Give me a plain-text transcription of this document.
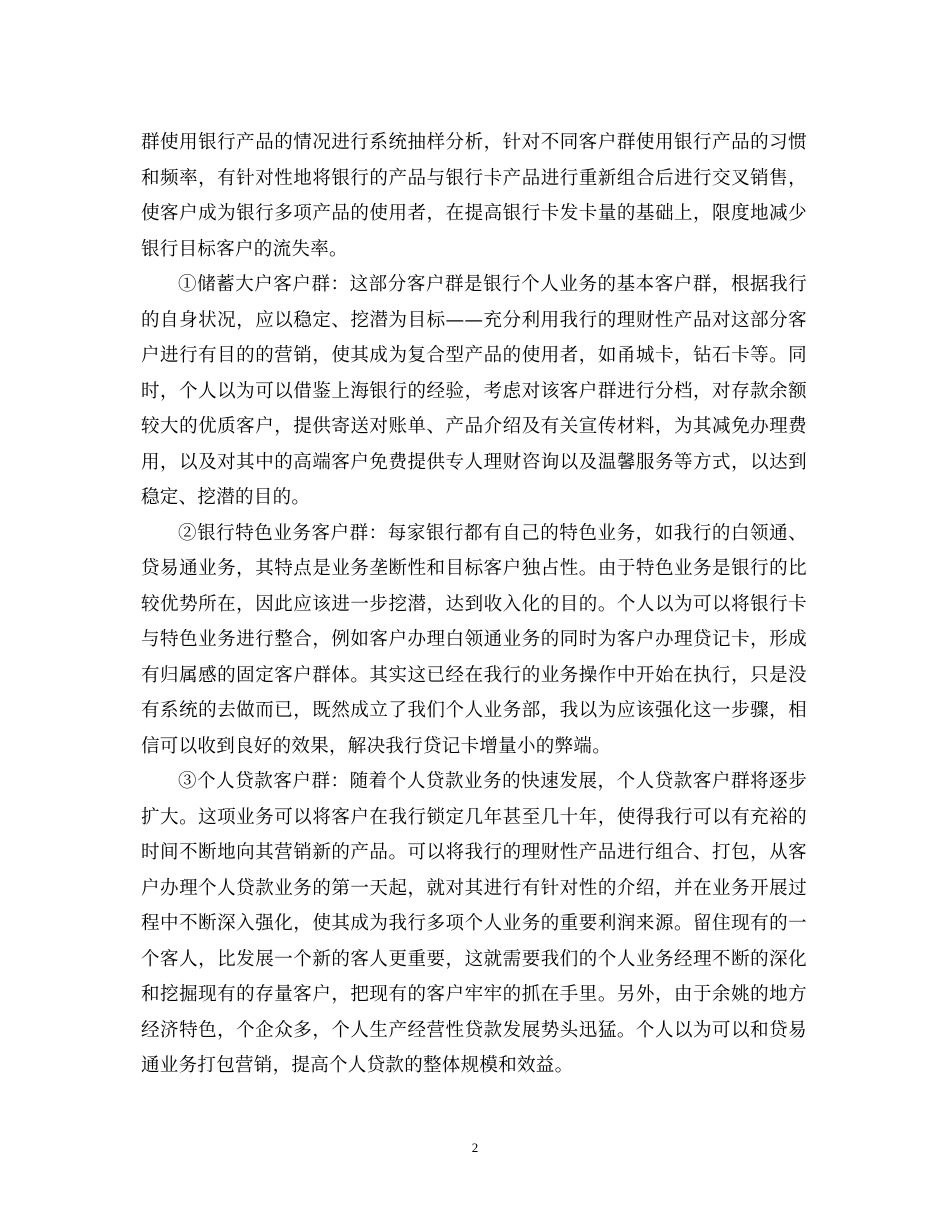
群使用银行产品的情况进行系统抽样分析，针对不同客户群使用银行产品的习惯和频率，有针对性地将银行的产品与银行卡产品进行重新组合后进行交叉销售，使客户成为银行多项产品的使用者，在提高银行卡发卡量的基础上，限度地减少银行目标客户的流失率。

①储蓄大户客户群：这部分客户群是银行个人业务的基本客户群，根据我行的自身状况，应以稳定、挖潜为目标——充分利用我行的理财性产品对这部分客户进行有目的的营销，使其成为复合型产品的使用者，如甬城卡，钻石卡等。同时，个人以为可以借鉴上海银行的经验，考虑对该客户群进行分档，对存款余额较大的优质客户，提供寄送对账单、产品介绍及有关宣传材料，为其减免办理费用，以及对其中的高端客户免费提供专人理财咨询以及温馨服务等方式，以达到稳定、挖潜的目的。

②银行特色业务客户群：每家银行都有自己的特色业务，如我行的白领通、贷易通业务，其特点是业务垄断性和目标客户独占性。由于特色业务是银行的比较优势所在，因此应该进一步挖潜，达到收入化的目的。个人以为可以将银行卡与特色业务进行整合，例如客户办理白领通业务的同时为客户办理贷记卡，形成有归属感的固定客户群体。其实这已经在我行的业务操作中开始在执行，只是没有系统的去做而已，既然成立了我们个人业务部，我以为应该强化这一步骤，相信可以收到良好的效果，解决我行贷记卡增量小的弊端。

③个人贷款客户群：随着个人贷款业务的快速发展，个人贷款客户群将逐步扩大。这项业务可以将客户在我行锁定几年甚至几十年，使得我行可以有充裕的时间不断地向其营销新的产品。可以将我行的理财性产品进行组合、打包，从客户办理个人贷款业务的第一天起，就对其进行有针对性的介绍，并在业务开展过程中不断深入强化，使其成为我行多项个人业务的重要利润来源。留住现有的一个客人，比发展一个新的客人更重要，这就需要我们的个人业务经理不断的深化和挖掘现有的存量客户，把现有的客户牢牢的抓在手里。另外，由于余姚的地方经济特色，个企众多，个人生产经营性贷款发展势头迅猛。个人以为可以和贷易通业务打包营销，提高个人贷款的整体规模和效益。

2
